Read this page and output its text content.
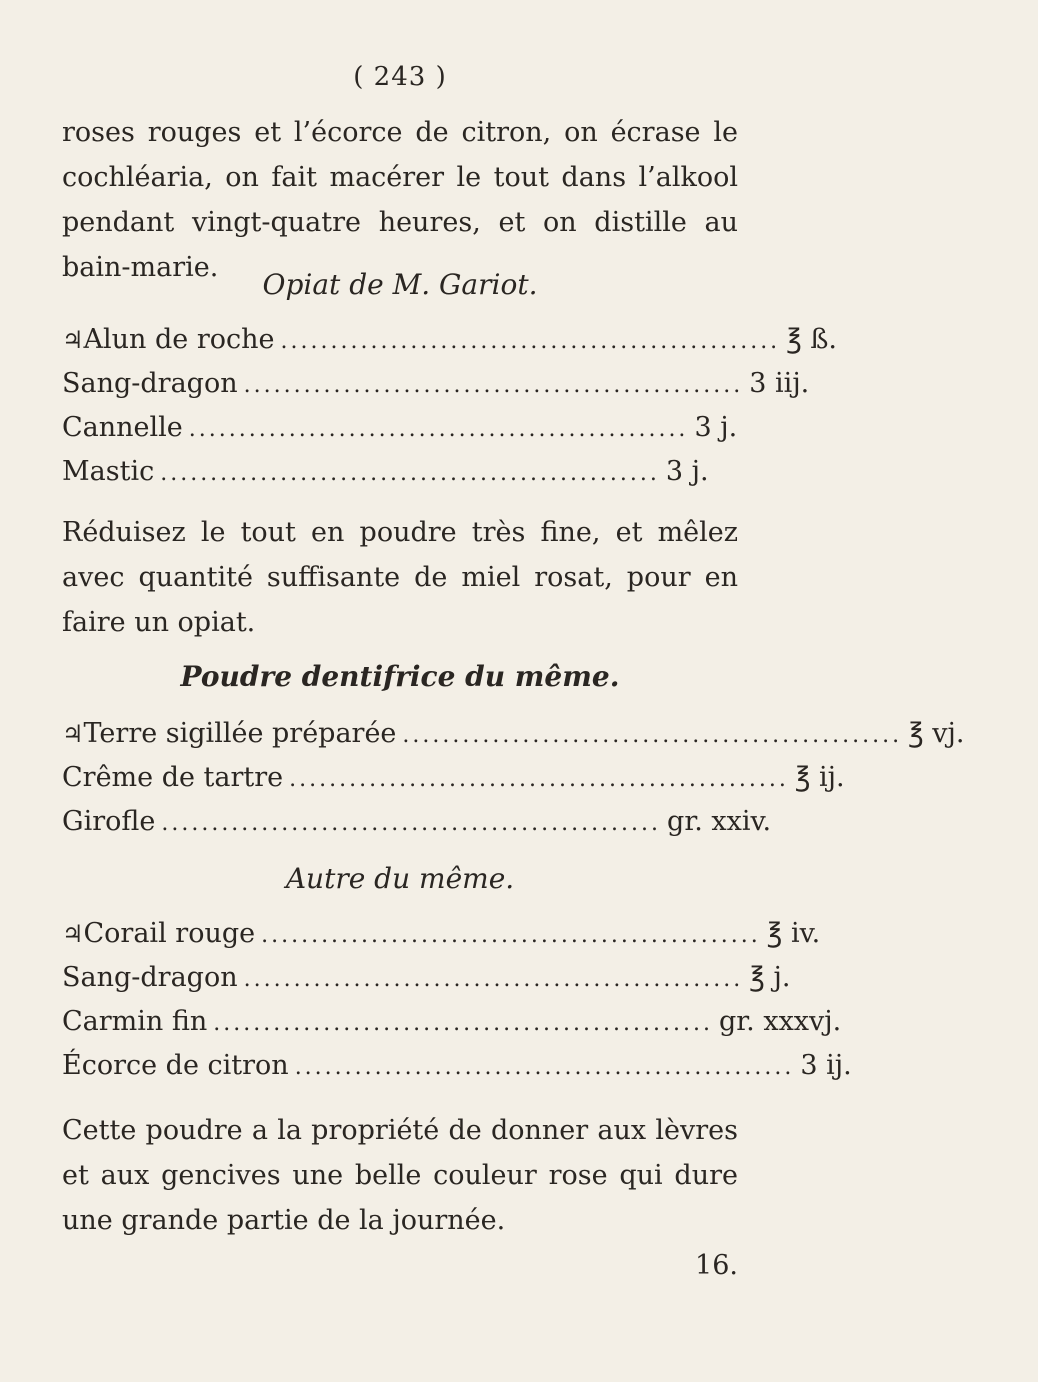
( 243 )

roses rouges et l’écorce de citron, on écrase le cochléaria, on fait macérer le tout dans l’alkool pendant vingt-quatre heures, et on distille au bain-marie.

Opiat de M. Gariot.
♃ Alun de roche .................................................. ℥ ß.
Sang-dragon .................................................. 3 iij.
Cannelle .................................................. 3 j.
Mastic .................................................. 3 j.

Réduisez le tout en poudre très fine, et mêlez avec quantité suffisante de miel rosat, pour en faire un opiat.

Poudre dentifrice du même.
♃ Terre sigillée préparée .................................................. ℥ vj.
Crême de tartre .................................................. ℥ ij.
Girofle .................................................. gr. xxiv.
Autre du même.
♃ Corail rouge .................................................. ℥ iv.
Sang-dragon .................................................. ℥ j.
Carmin fin .................................................. gr. xxxvj.
Écorce de citron .................................................. 3 ij.

Cette poudre a la propriété de donner aux lèvres et aux gencives une belle couleur rose qui dure une grande partie de la journée.

16.
